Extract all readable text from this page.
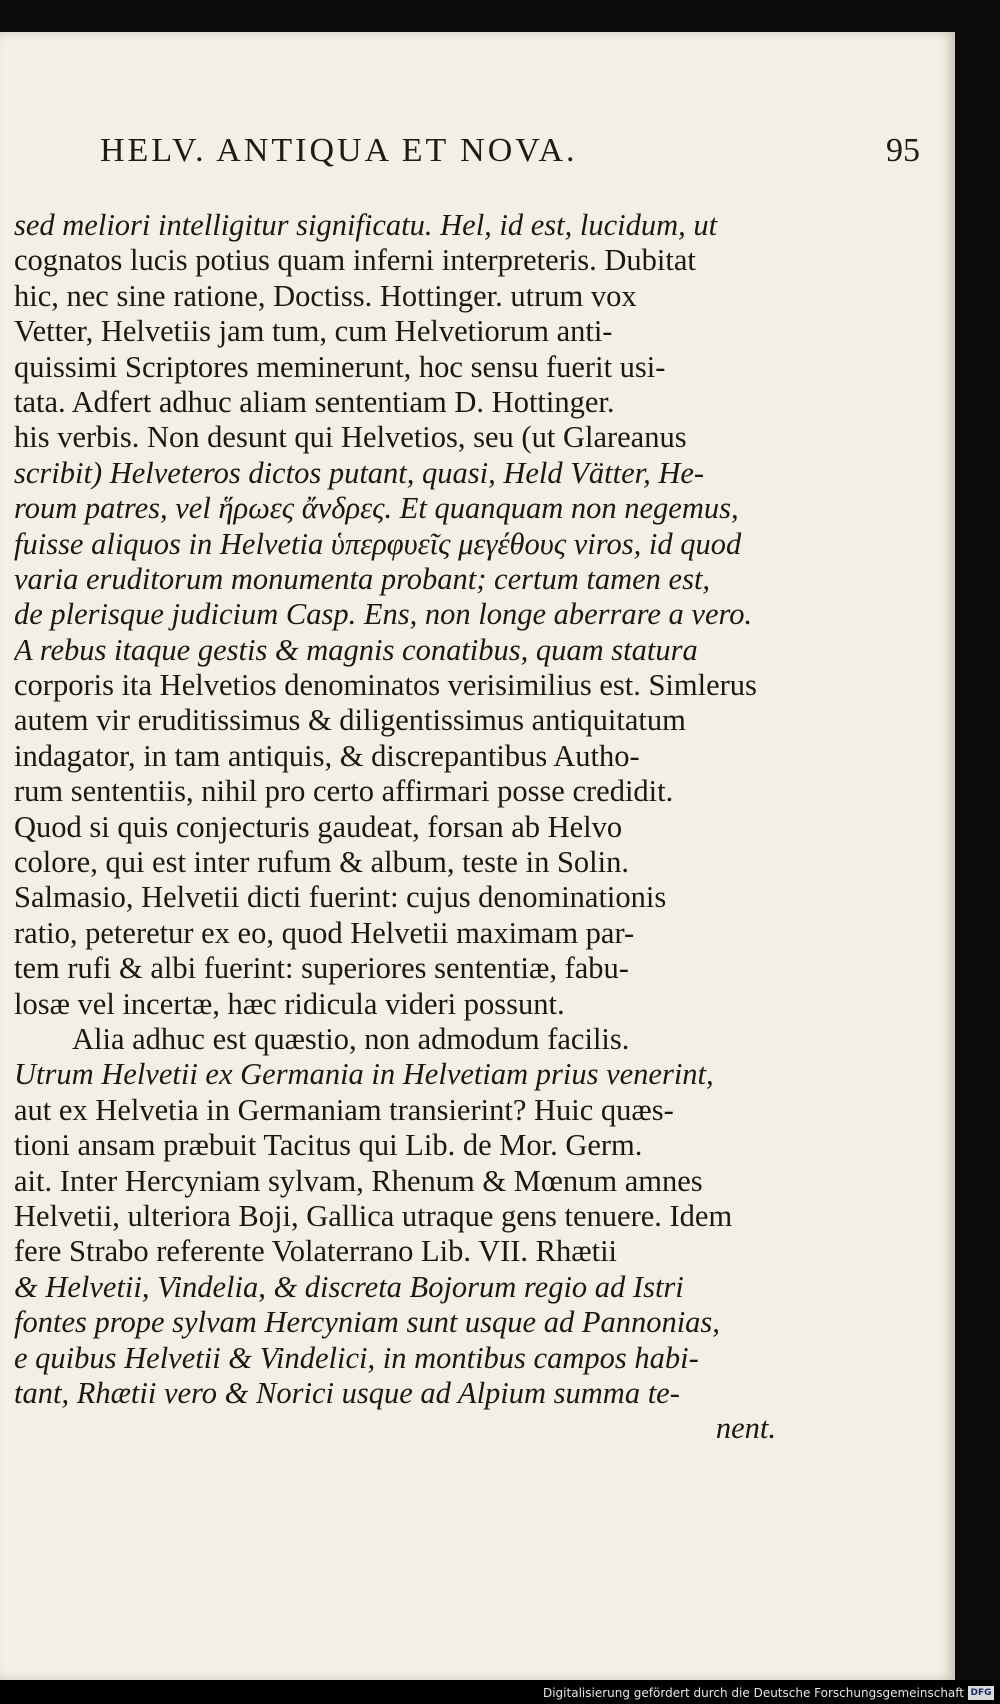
HELV. ANTIQUA ET NOVA.	95
sed meliori intelligitur significatu. Hel, id est, lucidum, ut
cognatos lucis potius quam inferni interpreteris. Dubitat
hic, nec sine ratione, Doctiss. Hottinger. utrum vox
Vetter, Helvetiis jam tum, cum Helvetiorum anti-
quissimi Scriptores meminerunt, hoc sensu fuerit usi-
tata. Adfert adhuc aliam sententiam D. Hottinger.
his verbis. Non desunt qui Helvetios, seu (ut Glareanus
scribit) Helveteros dictos putant, quasi, Held Vätter, He-
roum patres, vel ἥρωες ἄνδρες. Et quanquam non negemus,
fuisse aliquos in Helvetia ὑπερφυεῖς μεγέθους viros, id quod
varia eruditorum monumenta probant; certum tamen est,
de plerisque judicium Casp. Ens, non longe aberrare a vero.
A rebus itaque gestis & magnis conatibus, quam statura
corporis ita Helvetios denominatos verisimilius est. Simlerus
autem vir eruditissimus & diligentissimus antiquitatum
indagator, in tam antiquis, & discrepantibus Autho-
rum sententiis, nihil pro certo affirmari posse credidit.
Quod si quis conjecturis gaudeat, forsan ab Helvo
colore, qui est inter rufum & album, teste in Solin.
Salmasio, Helvetii dicti fuerint: cujus denominationis
ratio, peteretur ex eo, quod Helvetii maximam par-
tem rufi & albi fuerint: superiores sententiæ, fabu-
losæ vel incertæ, hæc ridicula videri possunt.
Alia adhuc est quæstio, non admodum facilis.
Utrum Helvetii ex Germania in Helvetiam prius venerint,
aut ex Helvetia in Germaniam transierint? Huic quæs-
tioni ansam præbuit Tacitus qui Lib. de Mor. Germ.
ait. Inter Hercyniam sylvam, Rhenum & Mœnum amnes
Helvetii, ulteriora Boji, Gallica utraque gens tenuere. Idem
fere Strabo referente Volaterrano Lib. VII. Rhætii
& Helvetii, Vindelia, & discreta Bojorum regio ad Istri
fontes prope sylvam Hercyniam sunt usque ad Pannonias,
e quibus Helvetii & Vindelici, in montibus campos habi-
tant, Rhætii vero & Norici usque ad Alpium summa te-
nent.
Digitalisierung gefördert durch die Deutsche Forschungsgemeinschaft DFG
